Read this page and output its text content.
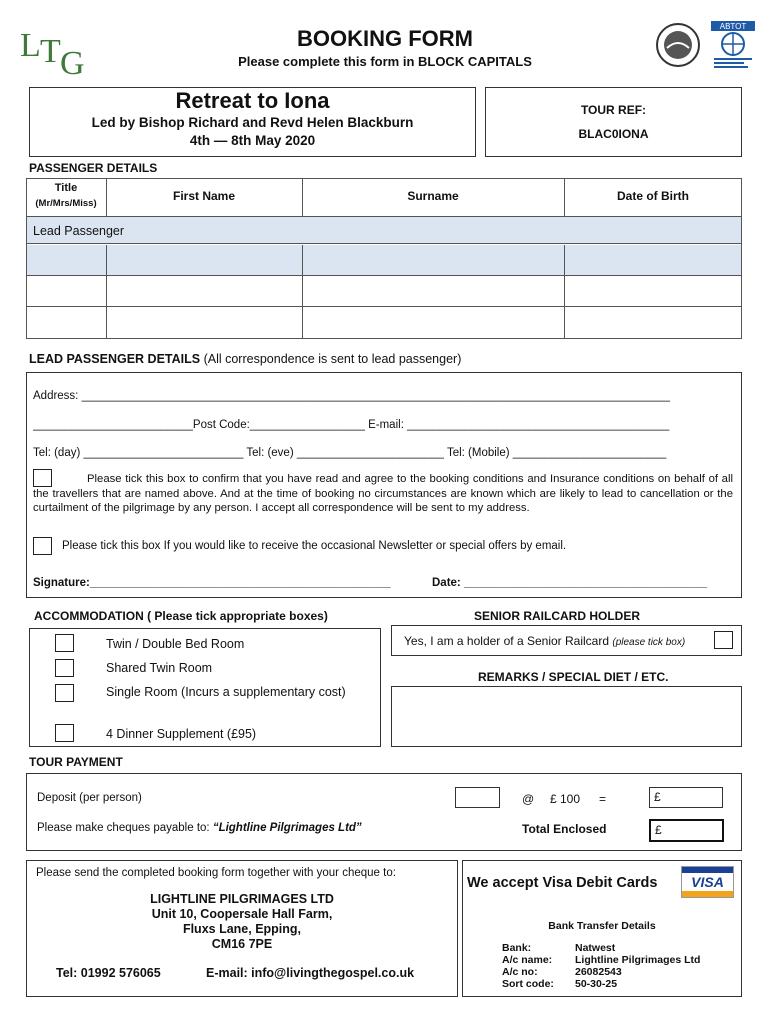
L T G
BOOKING FORM
Please complete this form in BLOCK CAPITALS
ABTOT
Retreat to Iona
Led by Bishop Richard and Revd Helen Blackburn
4th — 8th May 2020
TOUR REF:
BLAC0IONA
PASSENGER DETAILS
Title
(Mr/Mrs/Miss)
First Name	Surname	Date of Birth
Lead Passenger
LEAD PASSENGER DETAILS (All correspondence is sent to lead passenger)
Address: ____________________________________________________________________________________________
_________________________Post Code:__________________ E-mail: _________________________________________
Tel: (day) _________________________ Tel: (eve) _______________________ Tel: (Mobile) ________________________
Please tick this box to confirm that you have read and agree to the booking conditions and Insurance conditions on behalf of all the travellers that are named above. And at the time of booking no circumstances are known which are likely to lead to cancellation or the curtailment of the pilgrimage by any person. I accept all correspondence will be sent to my address.
Please tick this box If you would like to receive the occasional Newsletter or special offers by email.
Signature:_______________________________________________	Date: ______________________________________
ACCOMMODATION ( Please tick appropriate boxes)
Twin / Double Bed Room
Shared Twin Room
Single Room (Incurs a supplementary cost)
4 Dinner Supplement (£95)
SENIOR RAILCARD HOLDER
Yes, I am a holder of a Senior Railcard (please tick box)
REMARKS / SPECIAL DIET / ETC.
TOUR PAYMENT
Deposit (per person)	@ £ 100 =	£
Please make cheques payable to: “Lightline Pilgrimages Ltd”	Total Enclosed	£
Please send the completed booking form together with your cheque to:
LIGHTLINE PILGRIMAGES LTD
Unit 10, Coopersale Hall Farm,
Fluxs Lane, Epping,
CM16 7PE
Tel: 01992 576065	E-mail: info@livingthegospel.co.uk
We accept Visa Debit Cards	VISA
Bank Transfer Details
Bank:	Natwest
A/c name: Lightline Pilgrimages Ltd
A/c no:	26082543
Sort code: 50-30-25
